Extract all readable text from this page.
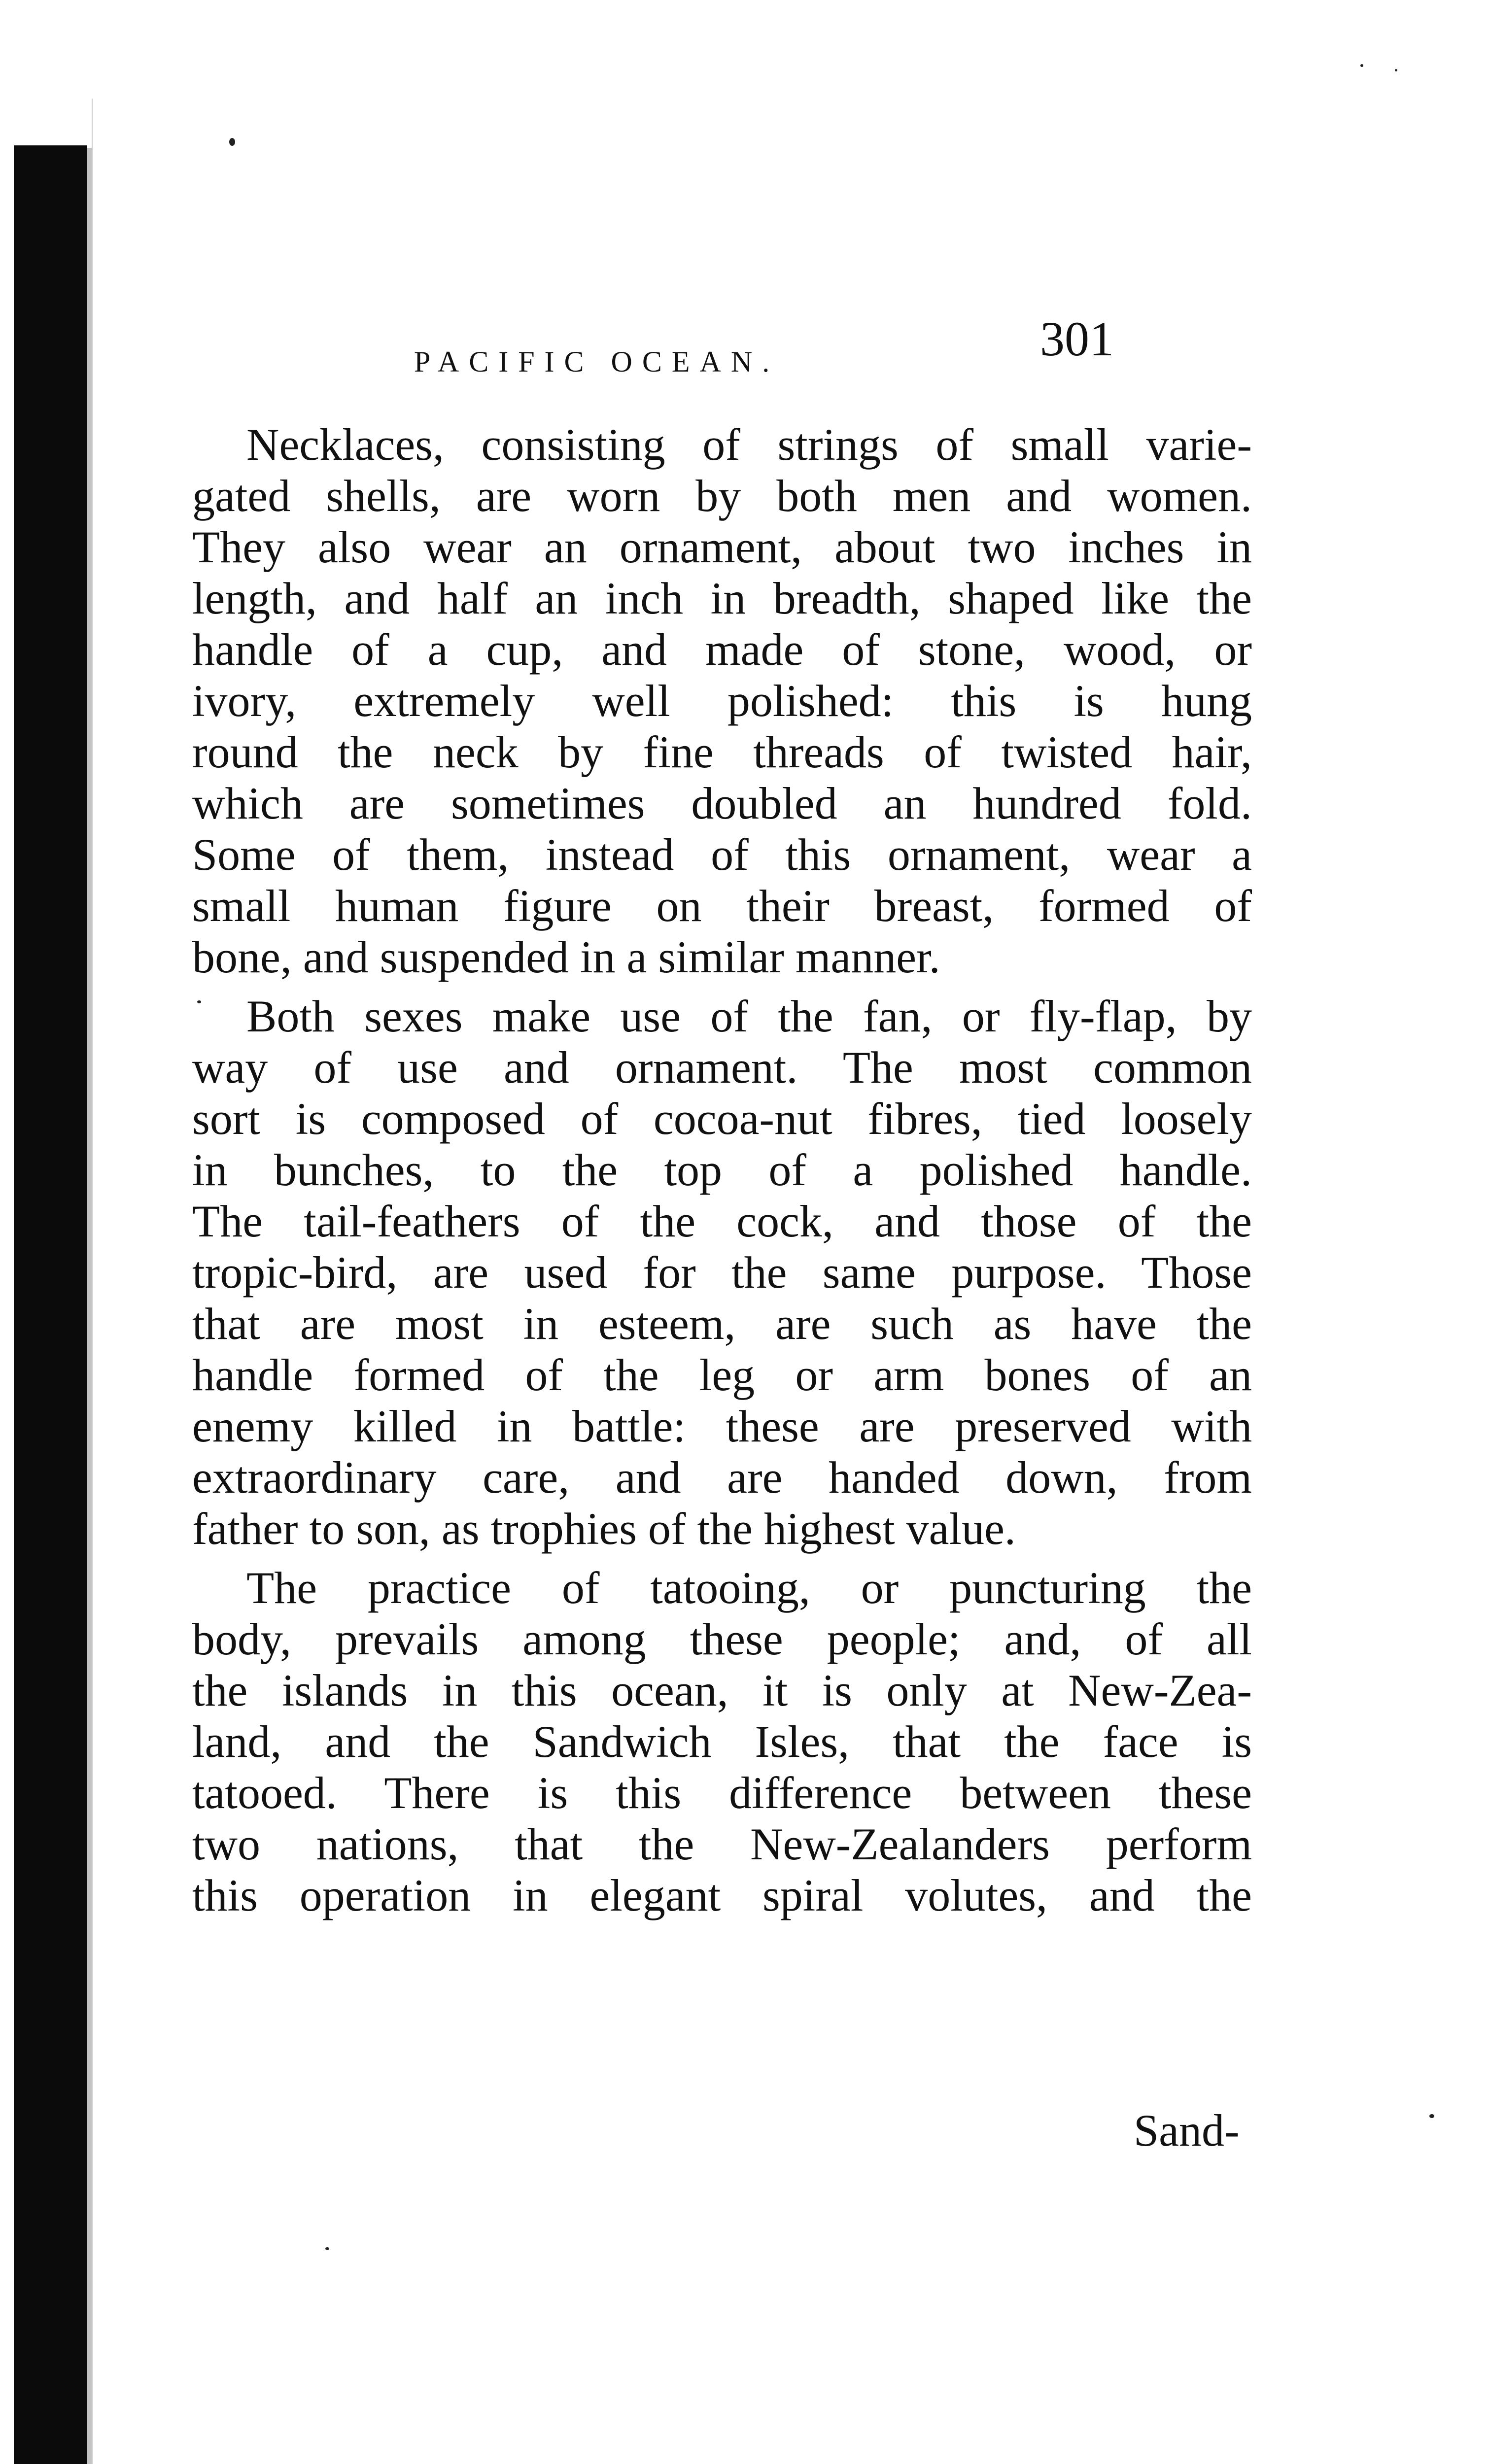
PACIFIC OCEAN.	301
Necklaces, consisting of strings of small varie-
gated shells, are worn by both men and women.
They also wear an ornament, about two inches in
length, and half an inch in breadth, shaped like the
handle of a cup, and made of stone, wood, or
ivory, extremely well polished: this is hung
round the neck by fine threads of twisted hair,
which are sometimes doubled an hundred fold.
Some of them, instead of this ornament, wear a
small human figure on their breast, formed of
bone, and suspended in a similar manner.
Both sexes make use of the fan, or fly-flap, by
way of use and ornament. The most common
sort is composed of cocoa-nut fibres, tied loosely
in bunches, to the top of a polished handle.
The tail-feathers of the cock, and those of the
tropic-bird, are used for the same purpose. Those
that are most in esteem, are such as have the
handle formed of the leg or arm bones of an
enemy killed in battle: these are preserved with
extraordinary care, and are handed down, from
father to son, as trophies of the highest value.
The practice of tatooing, or puncturing the
body, prevails among these people; and, of all
the islands in this ocean, it is only at New-Zea-
land, and the Sandwich Isles, that the face is
tatooed. There is this difference between these
two nations, that the New-Zealanders perform
this operation in elegant spiral volutes, and the
Sand-
